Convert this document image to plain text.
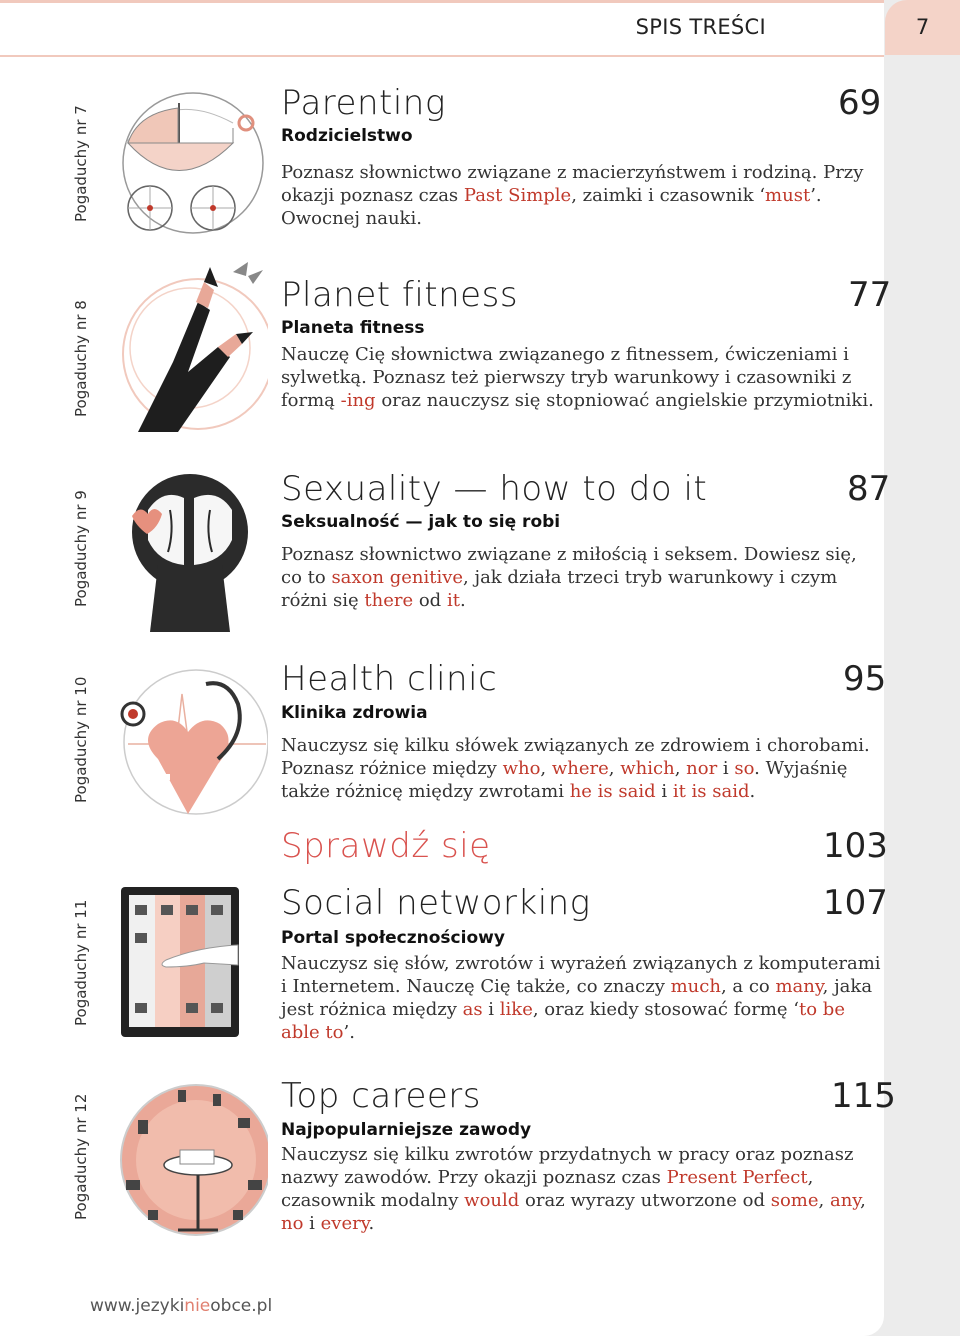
SPIS TREŚCI	7
Pogaduchy nr 7
Parenting	69
Rodzicielstwo
Poznasz słownictwo związane z macierzyństwem i rodziną. Przy okazji poznasz czas Past Simple, zaimki i czasownik ‘must’. Owocnej nauki.
Pogaduchy nr 8
Planet fitness	77
Planeta fitness
Nauczę Cię słownictwa związanego z fitnessem, ćwiczeniami i sylwetką. Poznasz też pierwszy tryb warunkowy i czasowniki z formą -ing oraz nauczysz się stopniować angielskie przymiotniki.
Pogaduchy nr 9
Sexuality — how to do it	87
Seksualność — jak to się robi
Poznasz słownictwo związane z miłością i seksem. Dowiesz się, co to saxon genitive, jak działa trzeci tryb warunkowy i czym różni się there od it.
Pogaduchy nr 10	Health clinic	95
Klinika zdrowia
Nauczysz się kilku słówek związanych ze zdrowiem i chorobami. Poznasz różnice między who, where, which, nor i so. Wyjaśnię także różnicę między zwrotami he is said i it is said.
Sprawdź się	103
Pogaduchy nr 11	Social networking	107
Portal społecznościowy
Nauczysz się słów, zwrotów i wyrażeń związanych z komputerami i Internetem. Nauczę Cię także, co znaczy much, a co many, jaka jest różnica między as i like, oraz kiedy stosować formę ‘to be able to’.
Pogaduchy nr 12	Top careers	115
Najpopularniejsze zawody
Nauczysz się kilku zwrotów przydatnych w pracy oraz poznasz nazwy zawodów. Przy okazji poznasz czas Present Perfect, czasownik modalny would oraz wyrazy utworzone od some, any, no i every.
www.jezykinieobce.pl
